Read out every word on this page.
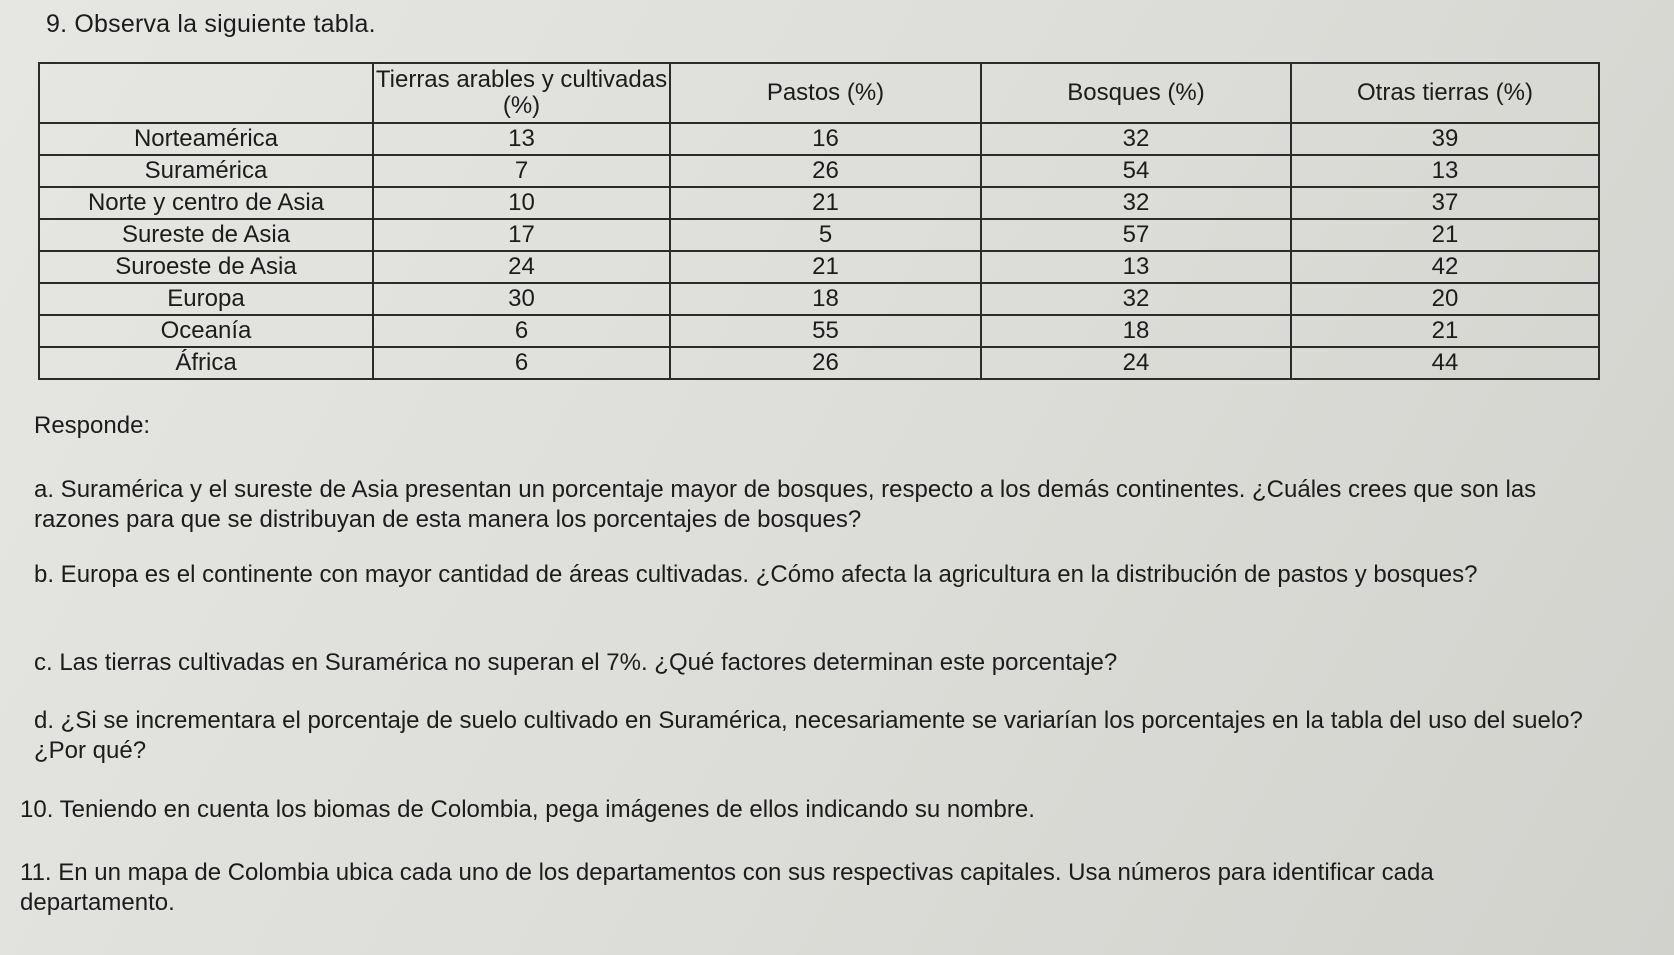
9. Observa la siguiente tabla.
	Tierras arables y cultivadas (%)	Pastos (%)	Bosques (%)	Otras tierras (%)
Norteamérica	13	16	32	39
Suramérica	7	26	54	13
Norte y centro de Asia	10	21	32	37
Sureste de Asia	17	5	57	21
Suroeste de Asia	24	21	13	42
Europa	30	18	32	20
Oceanía	6	55	18	21
África	6	26	24	44
Responde:
a. Suramérica y el sureste de Asia presentan un porcentaje mayor de bosques, respecto a los demás continentes. ¿Cuáles crees que son las razones para que se distribuyan de esta manera los porcentajes de bosques?
b. Europa es el continente con mayor cantidad de áreas cultivadas. ¿Cómo afecta la agricultura en la distribución de pastos y bosques?
c. Las tierras cultivadas en Suramérica no superan el 7%. ¿Qué factores determinan este porcentaje?
d. ¿Si se incrementara el porcentaje de suelo cultivado en Suramérica, necesariamente se variarían los porcentajes en la tabla del uso del suelo? ¿Por qué?
10. Teniendo en cuenta los biomas de Colombia, pega imágenes de ellos indicando su nombre.
11. En un mapa de Colombia ubica cada uno de los departamentos con sus respectivas capitales. Usa números para identificar cada departamento.
